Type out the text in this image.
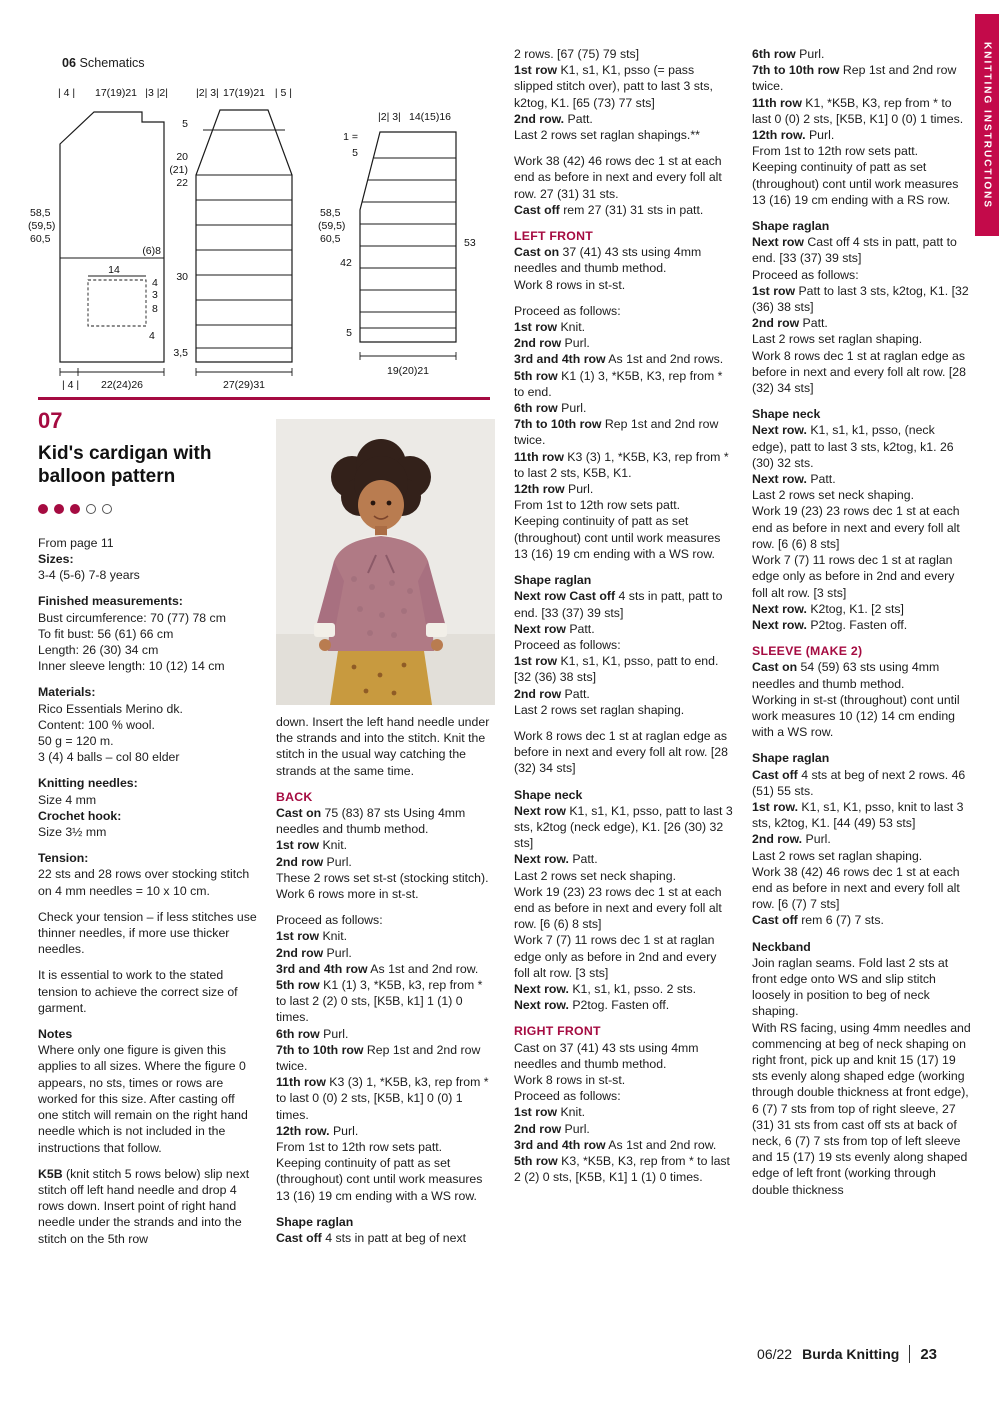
06 Schematics
| 4 | 17(19)21 |3 |2|
(6)8
14
4
3
8
4
58,5
(59,5)
60,5
| 4 | 22(24)26
|2| 3| 17(19)21 | 5 |
5
20
(21)
22
30
3,5
58,5
(59,5)
60,5
27(29)31
|2| 3| 14(15)16
1 =
5
42
53
5
19(20)21
KNITTING INSTRUCTIONS
07
Kid's cardigan with balloon pattern
From page 11

Sizes:

3-4 (5-6) 7-8 years

Finished measurements:

Bust circumference: 70 (77) 78 cm

To fit bust: 56 (61) 66 cm

Length: 26 (30) 34 cm

Inner sleeve length: 10 (12) 14 cm

Materials:

Rico Essentials Merino dk.

Content: 100 % wool.

50 g = 120 m.

3 (4) 4 balls – col 80 elder

Knitting needles:

Size 4 mm

Crochet hook:

Size 3½ mm

Tension:

22 sts and 28 rows over stocking stitch on 4 mm needles = 10 x 10 cm.

Check your tension – if less stitches use thinner needles, if more use thicker needles.

It is essential to work to the stated tension to achieve the correct size of garment.

Notes

Where only one figure is given this applies to all sizes. Where the figure 0 appears, no sts, times or rows are worked for this size. After casting off one stitch will remain on the right hand needle which is not included in the instructions that follow.

K5B (knit stitch 5 rows below) slip next stitch off left hand needle and drop 4 rows down. Insert point of right hand needle under the strands and into the stitch on the 5th row

down. Insert the left hand needle under the strands and into the stitch. Knit the stitch in the usual way catching the strands at the same time.

BACK

Cast on 75 (83) 87 sts Using 4mm needles and thumb method.

1st row Knit.

2nd row Purl.

These 2 rows set st-st (stocking stitch).

Work 6 rows more in st-st.

Proceed as follows:

1st row Knit.

2nd row Purl.

3rd and 4th row As 1st and 2nd row.

5th row K1 (1) 3, *K5B, k3, rep from * to last 2 (2) 0 sts, [K5B, k1] 1 (1) 0 times.

6th row Purl.

7th to 10th row Rep 1st and 2nd row twice.

11th row K3 (3) 1, *K5B, k3, rep from * to last 0 (0) 2 sts, [K5B, k1] 0 (0) 1 times.

12th row. Purl.

From 1st to 12th row sets patt.

Keeping continuity of patt as set (throughout) cont until work measures 13 (16) 19 cm ending with a WS row.

Shape raglan

Cast off 4 sts in patt at beg of next

2 rows. [67 (75) 79 sts]

1st row K1, s1, K1, psso (= pass slipped stitch over), patt to last 3 sts, k2tog, K1. [65 (73) 77 sts]

2nd row. Patt.

Last 2 rows set raglan shapings.**

Work 38 (42) 46 rows dec 1 st at each end as before in next and every foll alt row. 27 (31) 31 sts.

Cast off rem 27 (31) 31 sts in patt.

LEFT FRONT

Cast on 37 (41) 43 sts using 4mm needles and thumb method.

Work 8 rows in st-st.

Proceed as follows:

1st row Knit.

2nd row Purl.

3rd and 4th row As 1st and 2nd rows.

5th row K1 (1) 3, *K5B, K3, rep from * to end.

6th row Purl.

7th to 10th row Rep 1st and 2nd row twice.

11th row K3 (3) 1, *K5B, K3, rep from * to last 2 sts, K5B, K1.

12th row Purl.

From 1st to 12th row sets patt.

Keeping continuity of patt as set (throughout) cont until work measures 13 (16) 19 cm ending with a WS row.

Shape raglan

Next row Cast off 4 sts in patt, patt to end. [33 (37) 39 sts]

Next row Patt.

Proceed as follows:

1st row K1, s1, K1, psso, patt to end. [32 (36) 38 sts]

2nd row Patt.

Last 2 rows set raglan shaping.

Work 8 rows dec 1 st at raglan edge as before in next and every foll alt row. [28 (32) 34 sts]

Shape neck

Next row K1, s1, K1, psso, patt to last 3 sts, k2tog (neck edge), K1. [26 (30) 32 sts]

Next row. Patt.

Last 2 rows set neck shaping.

Work 19 (23) 23 rows dec 1 st at each end as before in next and every foll alt row. [6 (6) 8 sts]

Work 7 (7) 11 rows dec 1 st at raglan edge only as before in 2nd and every foll alt row. [3 sts]

Next row. K1, s1, k1, psso. 2 sts.

Next row. P2tog. Fasten off.

RIGHT FRONT

Cast on 37 (41) 43 sts using 4mm needles and thumb method.

Work 8 rows in st-st.

Proceed as follows:

1st row Knit.

2nd row Purl.

3rd and 4th row As 1st and 2nd row.

5th row K3, *K5B, K3, rep from * to last 2 (2) 0 sts, [K5B, K1] 1 (1) 0 times.

6th row Purl.

7th to 10th row Rep 1st and 2nd row twice.

11th row K1, *K5B, K3, rep from * to last 0 (0) 2 sts, [K5B, K1] 0 (0) 1 times.

12th row. Purl.

From 1st to 12th row sets patt.

Keeping continuity of patt as set (throughout) cont until work measures 13 (16) 19 cm ending with a RS row.

Shape raglan

Next row Cast off 4 sts in patt, patt to end. [33 (37) 39 sts]

Proceed as follows:

1st row Patt to last 3 sts, k2tog, K1. [32 (36) 38 sts]

2nd row Patt.

Last 2 rows set raglan shaping.

Work 8 rows dec 1 st at raglan edge as before in next and every foll alt row. [28 (32) 34 sts]

Shape neck

Next row. K1, s1, k1, psso, (neck edge), patt to last 3 sts, k2tog, k1. 26 (30) 32 sts.

Next row. Patt.

Last 2 rows set neck shaping.

Work 19 (23) 23 rows dec 1 st at each end as before in next and every foll alt row. [6 (6) 8 sts]

Work 7 (7) 11 rows dec 1 st at raglan edge only as before in 2nd and every foll alt row. [3 sts]

Next row. K2tog, K1. [2 sts]

Next row. P2tog. Fasten off.

SLEEVE (MAKE 2)

Cast on 54 (59) 63 sts using 4mm needles and thumb method.

Working in st-st (throughout) cont until work measures 10 (12) 14 cm ending with a WS row.

Shape raglan

Cast off 4 sts at beg of next 2 rows. 46 (51) 55 sts.

1st row. K1, s1, K1, psso, knit to last 3 sts, k2tog, K1. [44 (49) 53 sts]

2nd row. Purl.

Last 2 rows set raglan shaping.

Work 38 (42) 46 rows dec 1 st at each end as before in next and every foll alt row. [6 (7) 7 sts]

Cast off rem 6 (7) 7 sts.

Neckband

Join raglan seams. Fold last 2 sts at front edge onto WS and slip stitch loosely in position to beg of neck shaping.

With RS facing, using 4mm needles and commencing at beg of neck shaping on right front, pick up and knit 15 (17) 19 sts evenly along shaped edge (working through double thickness at front edge), 6 (7) 7 sts from top of right sleeve, 27 (31) 31 sts from cast off sts at back of neck, 6 (7) 7 sts from top of left sleeve and 15 (17) 19 sts evenly along shaped edge of left front (working through double thickness

06/22 Burda Knitting 23
